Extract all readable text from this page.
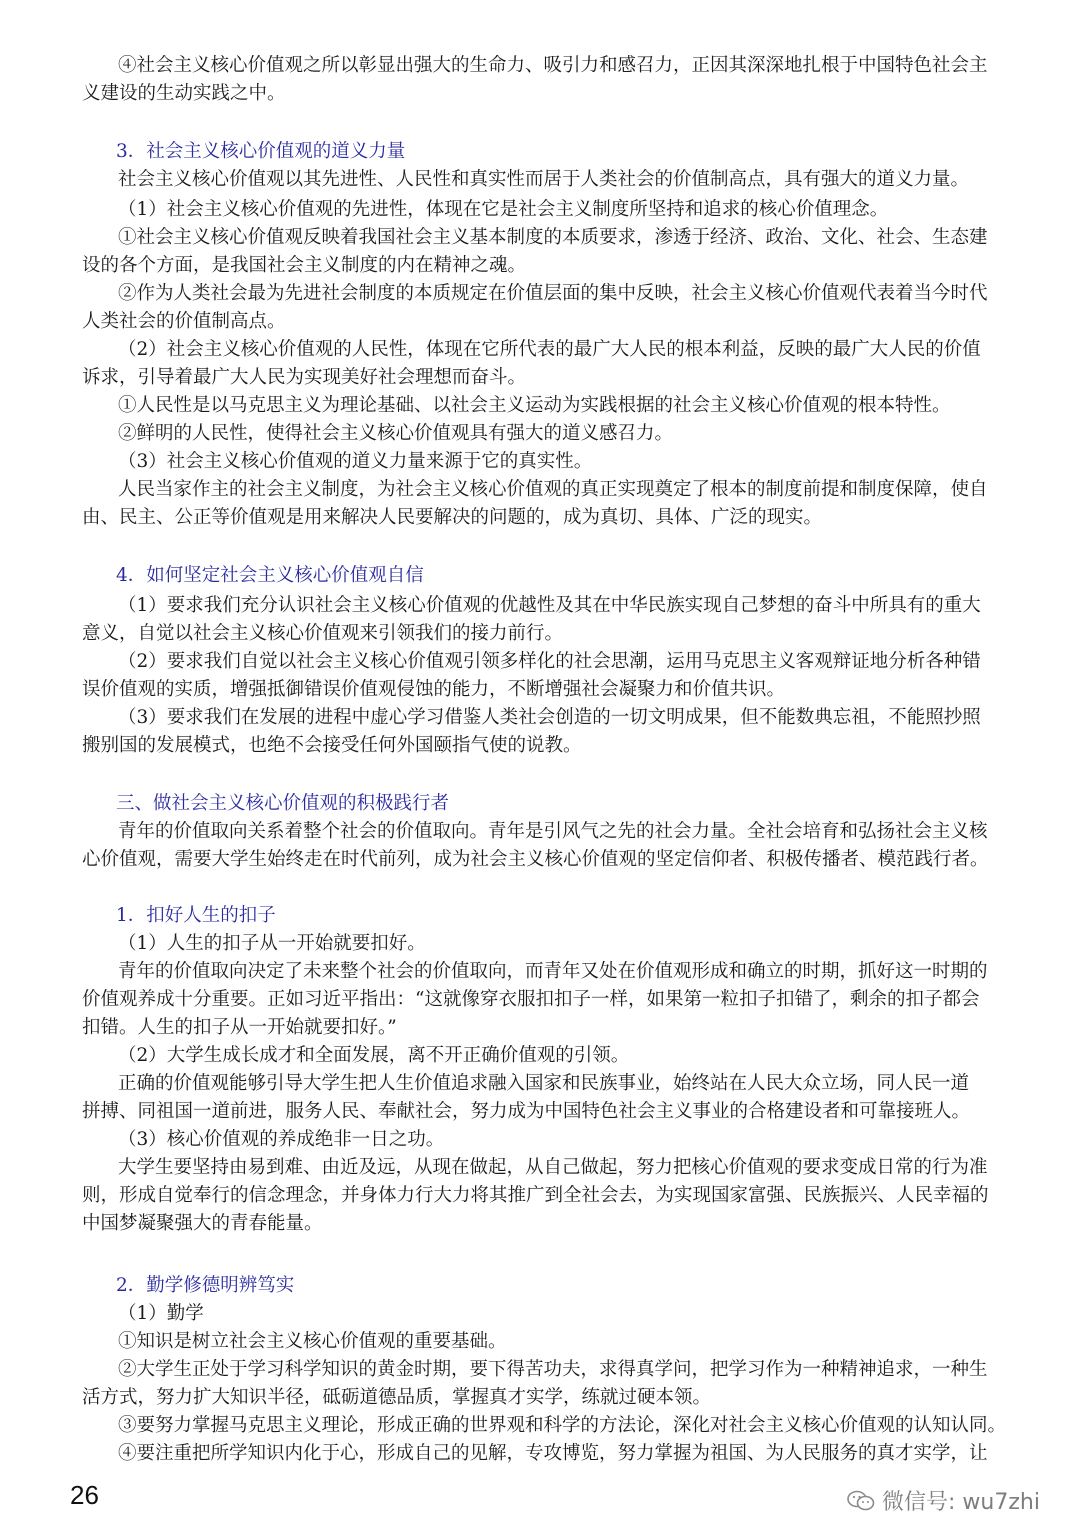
④社会主义核心价值观之所以彰显出强大的生命力、吸引力和感召力，正因其深深地扎根于中国特色社会主
义建设的生动实践之中。
3．社会主义核心价值观的道义力量
社会主义核心价值观以其先进性、人民性和真实性而居于人类社会的价值制高点，具有强大的道义力量。
（1）社会主义核心价值观的先进性，体现在它是社会主义制度所坚持和追求的核心价值理念。
①社会主义核心价值观反映着我国社会主义基本制度的本质要求，渗透于经济、政治、文化、社会、生态建
设的各个方面，是我国社会主义制度的内在精神之魂。
②作为人类社会最为先进社会制度的本质规定在价值层面的集中反映，社会主义核心价值观代表着当今时代
人类社会的价值制高点。
（2）社会主义核心价值观的人民性，体现在它所代表的最广大人民的根本利益，反映的最广大人民的价值
诉求，引导着最广大人民为实现美好社会理想而奋斗。
①人民性是以马克思主义为理论基础、以社会主义运动为实践根据的社会主义核心价值观的根本特性。
②鲜明的人民性，使得社会主义核心价值观具有强大的道义感召力。
（3）社会主义核心价值观的道义力量来源于它的真实性。
人民当家作主的社会主义制度，为社会主义核心价值观的真正实现奠定了根本的制度前提和制度保障，使自
由、民主、公正等价值观是用来解决人民要解决的问题的，成为真切、具体、广泛的现实。
4．如何坚定社会主义核心价值观自信
（1）要求我们充分认识社会主义核心价值观的优越性及其在中华民族实现自己梦想的奋斗中所具有的重大
意义，自觉以社会主义核心价值观来引领我们的接力前行。
（2）要求我们自觉以社会主义核心价值观引领多样化的社会思潮，运用马克思主义客观辩证地分析各种错
误价值观的实质，增强抵御错误价值观侵蚀的能力，不断增强社会凝聚力和价值共识。
（3）要求我们在发展的进程中虚心学习借鉴人类社会创造的一切文明成果，但不能数典忘祖，不能照抄照
搬别国的发展模式，也绝不会接受任何外国颐指气使的说教。
三、做社会主义核心价值观的积极践行者
青年的价值取向关系着整个社会的价值取向。青年是引风气之先的社会力量。全社会培育和弘扬社会主义核
心价值观，需要大学生始终走在时代前列，成为社会主义核心价值观的坚定信仰者、积极传播者、模范践行者。
1．扣好人生的扣子
（1）人生的扣子从一开始就要扣好。
青年的价值取向决定了未来整个社会的价值取向，而青年又处在价值观形成和确立的时期，抓好这一时期的
价值观养成十分重要。正如习近平指出：“这就像穿衣服扣扣子一样，如果第一粒扣子扣错了，剩余的扣子都会
扣错。人生的扣子从一开始就要扣好。”
（2）大学生成长成才和全面发展，离不开正确价值观的引领。
正确的价值观能够引导大学生把人生价值追求融入国家和民族事业，始终站在人民大众立场，同人民一道
拼搏、同祖国一道前进，服务人民、奉献社会，努力成为中国特色社会主义事业的合格建设者和可靠接班人。
（3）核心价值观的养成绝非一日之功。
大学生要坚持由易到难、由近及远，从现在做起，从自己做起，努力把核心价值观的要求变成日常的行为准
则，形成自觉奉行的信念理念，并身体力行大力将其推广到全社会去，为实现国家富强、民族振兴、人民幸福的
中国梦凝聚强大的青春能量。
2．勤学修德明辨笃实
（1）勤学
①知识是树立社会主义核心价值观的重要基础。
②大学生正处于学习科学知识的黄金时期，要下得苦功夫，求得真学问，把学习作为一种精神追求，一种生
活方式，努力扩大知识半径，砥砺道德品质，掌握真才实学，练就过硬本领。
③要努力掌握马克思主义理论，形成正确的世界观和科学的方法论，深化对社会主义核心价值观的认知认同。
④要注重把所学知识内化于心，形成自己的见解，专攻博览，努力掌握为祖国、为人民服务的真才实学，让
26	微信号: wu7zhi
